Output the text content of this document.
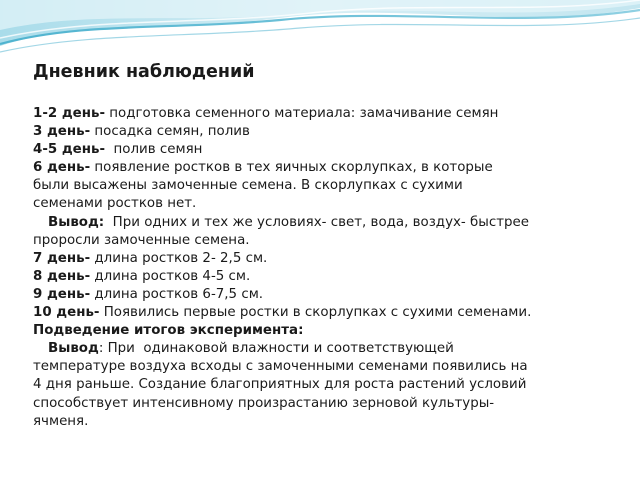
Дневник наблюдений
1-2 день- подготовка семенного материала: замачивание семян
3 день- посадка семян, полив
4-5 день-  полив семян
6 день- появление ростков в тех яичных скорлупках, в которые
были высажены замоченные семена. В скорлупках с сухими
семенами ростков нет.
Вывод:  При одних и тех же условиях- свет, вода, воздух- быстрее
проросли замоченные семена.
7 день- длина ростков 2- 2,5 см.
8 день- длина ростков 4-5 см.
9 день- длина ростков 6-7,5 см.
10 день- Появились первые ростки в скорлупках с сухими семенами.
Подведение итогов эксперимента:
Вывод: При  одинаковой влажности и соответствующей
температуре воздуха всходы с замоченными семенами появились на
4 дня раньше. Создание благоприятных для роста растений условий
способствует интенсивному произрастанию зерновой культуры-
ячменя.
